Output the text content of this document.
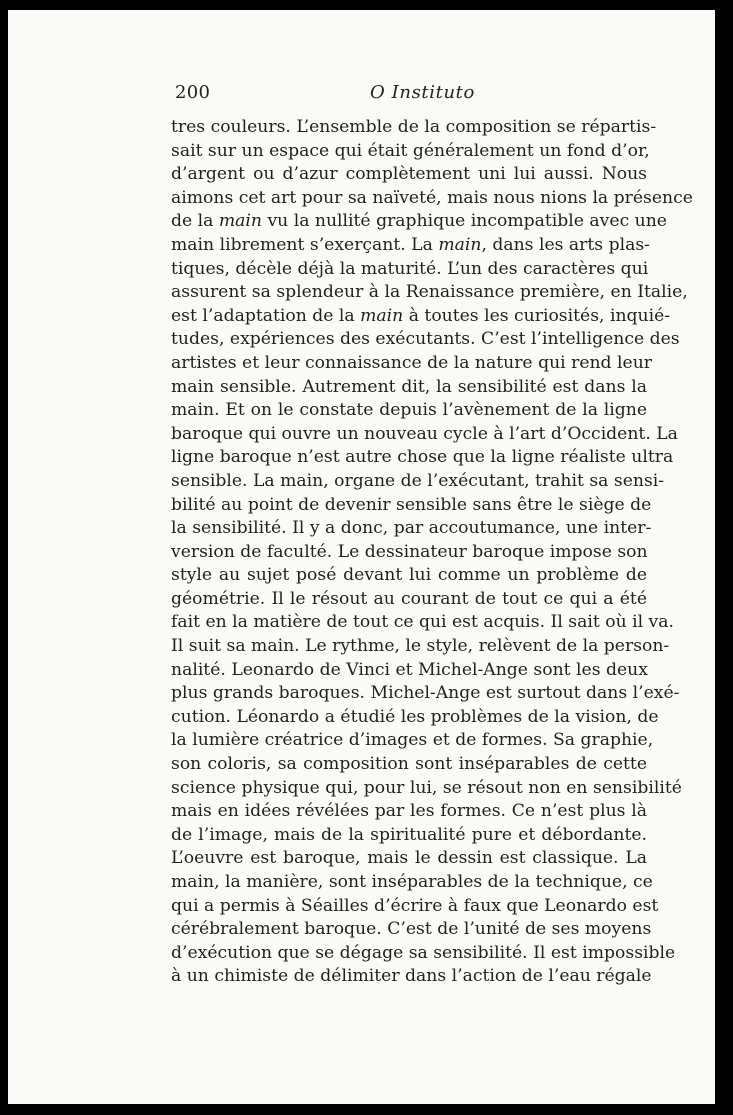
200	O Instituto
tres couleurs. L’ensemble de la composition se répartis-
sait sur un espace qui était généralement un fond d’or,
d’argent ou d’azur complètement uni lui aussi. Nous
aimons cet art pour sa naïveté, mais nous nions la présence
de la main vu la nullité graphique incompatible avec une
main librement s’exerçant. La main, dans les arts plas-
tiques, décèle déjà la maturité. L’un des caractères qui
assurent sa splendeur à la Renaissance première, en Italie,
est l’adaptation de la main à toutes les curiosités, inquié-
tudes, expériences des exécutants. C’est l’intelligence des
artistes et leur connaissance de la nature qui rend leur
main sensible. Autrement dit, la sensibilité est dans la
main. Et on le constate depuis l’avènement de la ligne
baroque qui ouvre un nouveau cycle à l’art d’Occident. La
ligne baroque n’est autre chose que la ligne réaliste ultra
sensible. La main, organe de l’exécutant, trahit sa sensi-
bilité au point de devenir sensible sans être le siège de
la sensibilité. Il y a donc, par accoutumance, une inter-
version de faculté. Le dessinateur baroque impose son
style au sujet posé devant lui comme un problème de
géométrie. Il le résout au courant de tout ce qui a été
fait en la matière de tout ce qui est acquis. Il sait où il va.
Il suit sa main. Le rythme, le style, relèvent de la person-
nalité. Leonardo de Vinci et Michel-Ange sont les deux
plus grands baroques. Michel-Ange est surtout dans l’exé-
cution. Léonardo a étudié les problèmes de la vision, de
la lumière créatrice d’images et de formes. Sa graphie,
son coloris, sa composition sont inséparables de cette
science physique qui, pour lui, se résout non en sensibilité
mais en idées révélées par les formes. Ce n’est plus là
de l’image, mais de la spiritualité pure et débordante.
L’oeuvre est baroque, mais le dessin est classique. La
main, la manière, sont inséparables de la technique, ce
qui a permis à Séailles d’écrire à faux que Leonardo est
cérébralement baroque. C’est de l’unité de ses moyens
d’exécution que se dégage sa sensibilité. Il est impossible
à un chimiste de délimiter dans l’action de l’eau régale
